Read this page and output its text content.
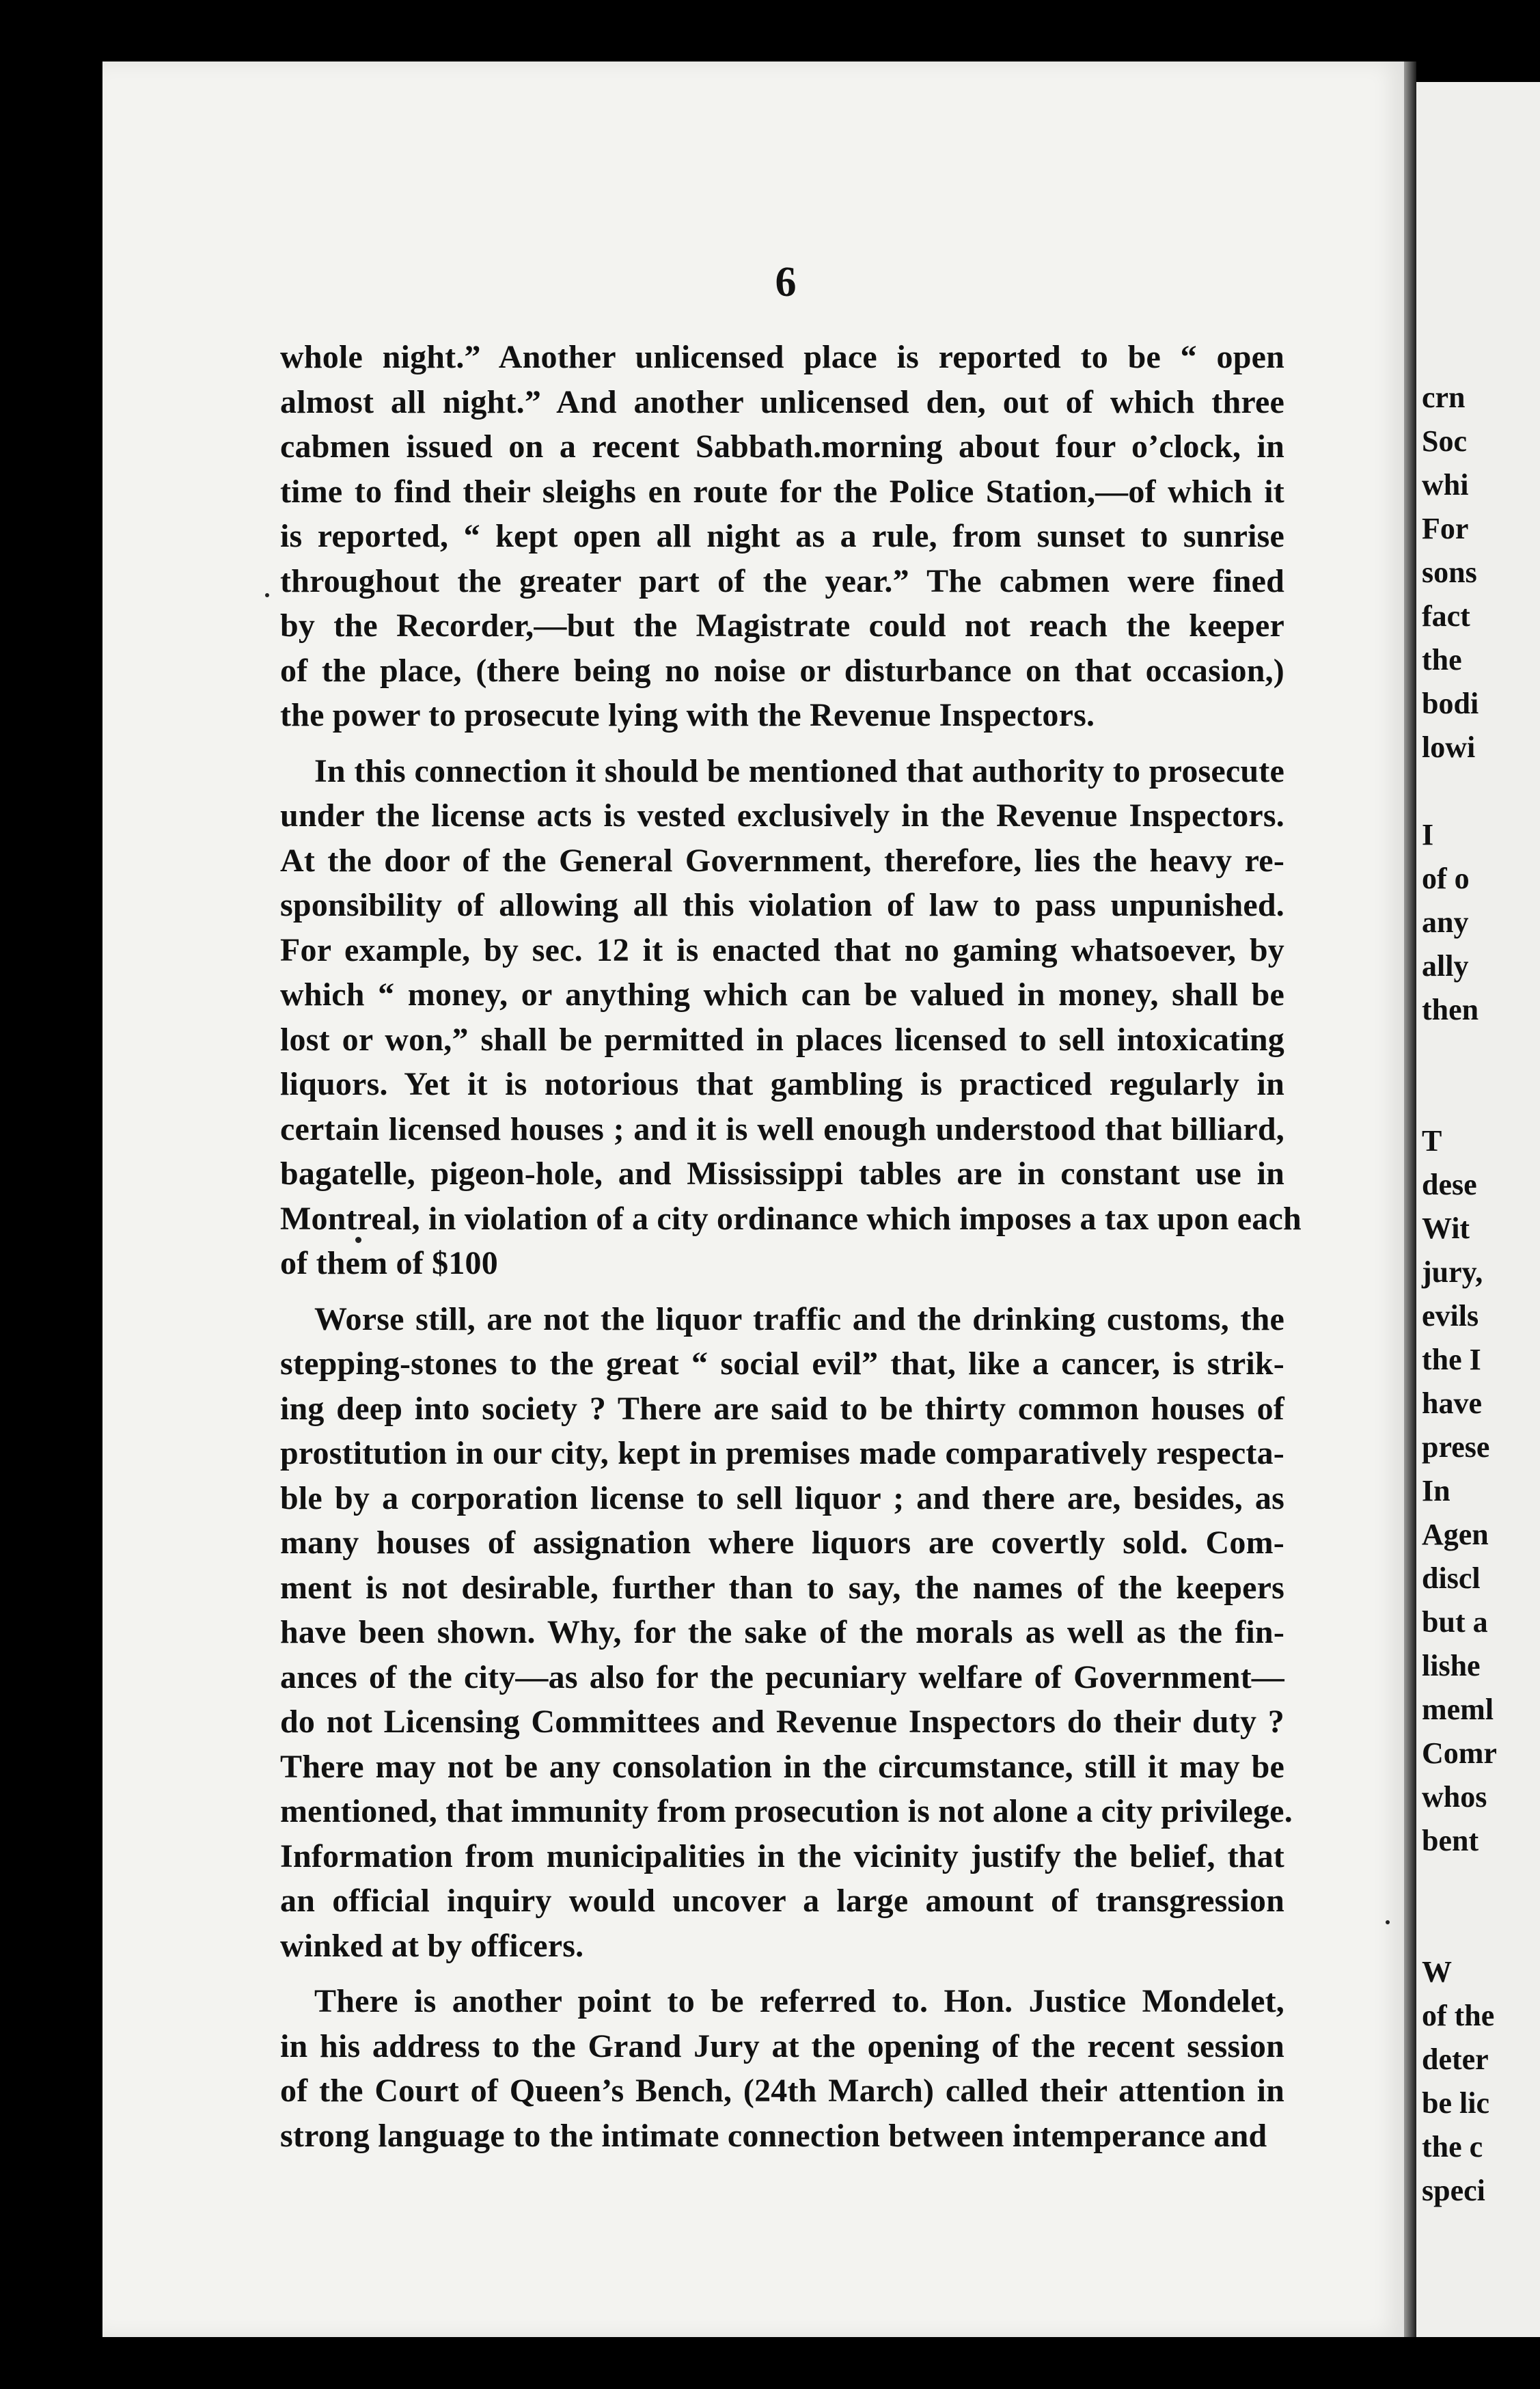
6
whole night.” Another unlicensed place is reported to be “ open
almost all night.” And another unlicensed den, out of which three
cabmen issued on a recent Sabbath.morning about four o’clock, in
time to find their sleighs en route for the Police Station,—of which it
is reported, “ kept open all night as a rule, from sunset to sunrise
throughout the greater part of the year.” The cabmen were fined
by the Recorder,—but the Magistrate could not reach the keeper
of the place, (there being no noise or disturbance on that occasion,)
the power to prosecute lying with the Revenue Inspectors.
In this connection it should be mentioned that authority to prosecute
under the license acts is vested exclusively in the Revenue Inspectors.
At the door of the General Government, therefore, lies the heavy re-
sponsibility of allowing all this violation of law to pass unpunished.
For example, by sec. 12 it is enacted that no gaming whatsoever, by
which “ money, or anything which can be valued in money, shall be
lost or won,” shall be permitted in places licensed to sell intoxicating
liquors. Yet it is notorious that gambling is practiced regularly in
certain licensed houses ; and it is well enough understood that billiard,
bagatelle, pigeon-hole, and Mississippi tables are in constant use in
Montreal, in violation of a city ordinance which imposes a tax upon each
of them of $100
Worse still, are not the liquor traffic and the drinking customs, the
stepping-stones to the great “ social evil” that, like a cancer, is strik-
ing deep into society ? There are said to be thirty common houses of
prostitution in our city, kept in premises made comparatively respecta-
ble by a corporation license to sell liquor ; and there are, besides, as
many houses of assignation where liquors are covertly sold. Com-
ment is not desirable, further than to say, the names of the keepers
have been shown. Why, for the sake of the morals as well as the fin-
ances of the city—as also for the pecuniary welfare of Government—
do not Licensing Committees and Revenue Inspectors do their duty ?
There may not be any consolation in the circumstance, still it may be
mentioned, that immunity from prosecution is not alone a city privilege.
Information from municipalities in the vicinity justify the belief, that
an official inquiry would uncover a large amount of transgression
winked at by officers.
There is another point to be referred to. Hon. Justice Mondelet,
in his address to the Grand Jury at the opening of the recent session
of the Court of Queen’s Bench, (24th March) called their attention in
strong language to the intimate connection between intemperance and
crn
Soc
whi
For
sons
fact
the
bodi
lowi
I
of o
any
ally
then
T
dese
Wit
jury,
evils
the I
have
prese
In
Agen
discl
but a
lishe
meml
Comr
whos
bent
W
of the
deter
be lic
the c
speci
